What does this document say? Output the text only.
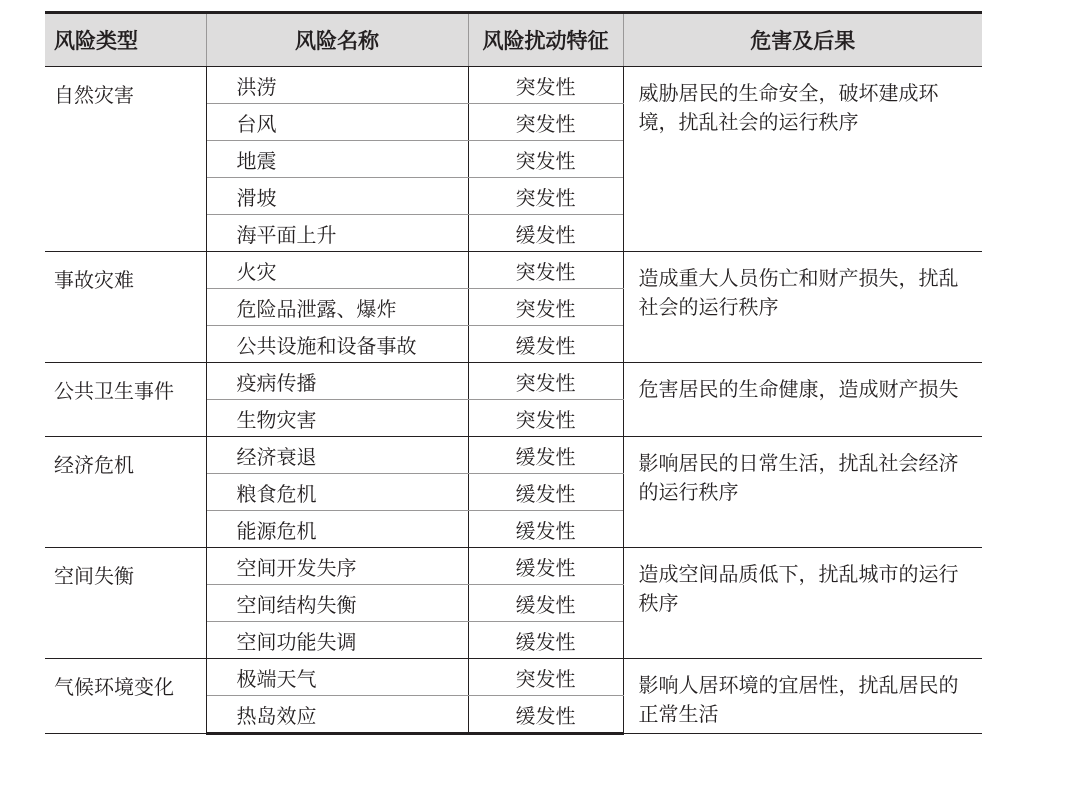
风险类型	风险名称	风险扰动特征	危害及后果
自然灾害	洪涝	突发性	威胁居民的生命安全，破坏建成环境，扰乱社会的运行秩序
	台风	突发性	
	地震	突发性	
	滑坡	突发性	
	海平面上升	缓发性	
事故灾难	火灾	突发性	造成重大人员伤亡和财产损失，扰乱社会的运行秩序
	危险品泄露、爆炸	突发性	
	公共设施和设备事故	缓发性	
公共卫生事件	疫病传播	突发性	危害居民的生命健康，造成财产损失
	生物灾害	突发性	
经济危机	经济衰退	缓发性	影响居民的日常生活，扰乱社会经济的运行秩序
	粮食危机	缓发性	
	能源危机	缓发性	
空间失衡	空间开发失序	缓发性	造成空间品质低下，扰乱城市的运行秩序
	空间结构失衡	缓发性	
	空间功能失调	缓发性	
气候环境变化	极端天气	突发性	影响人居环境的宜居性，扰乱居民的正常生活
	热岛效应	缓发性	
